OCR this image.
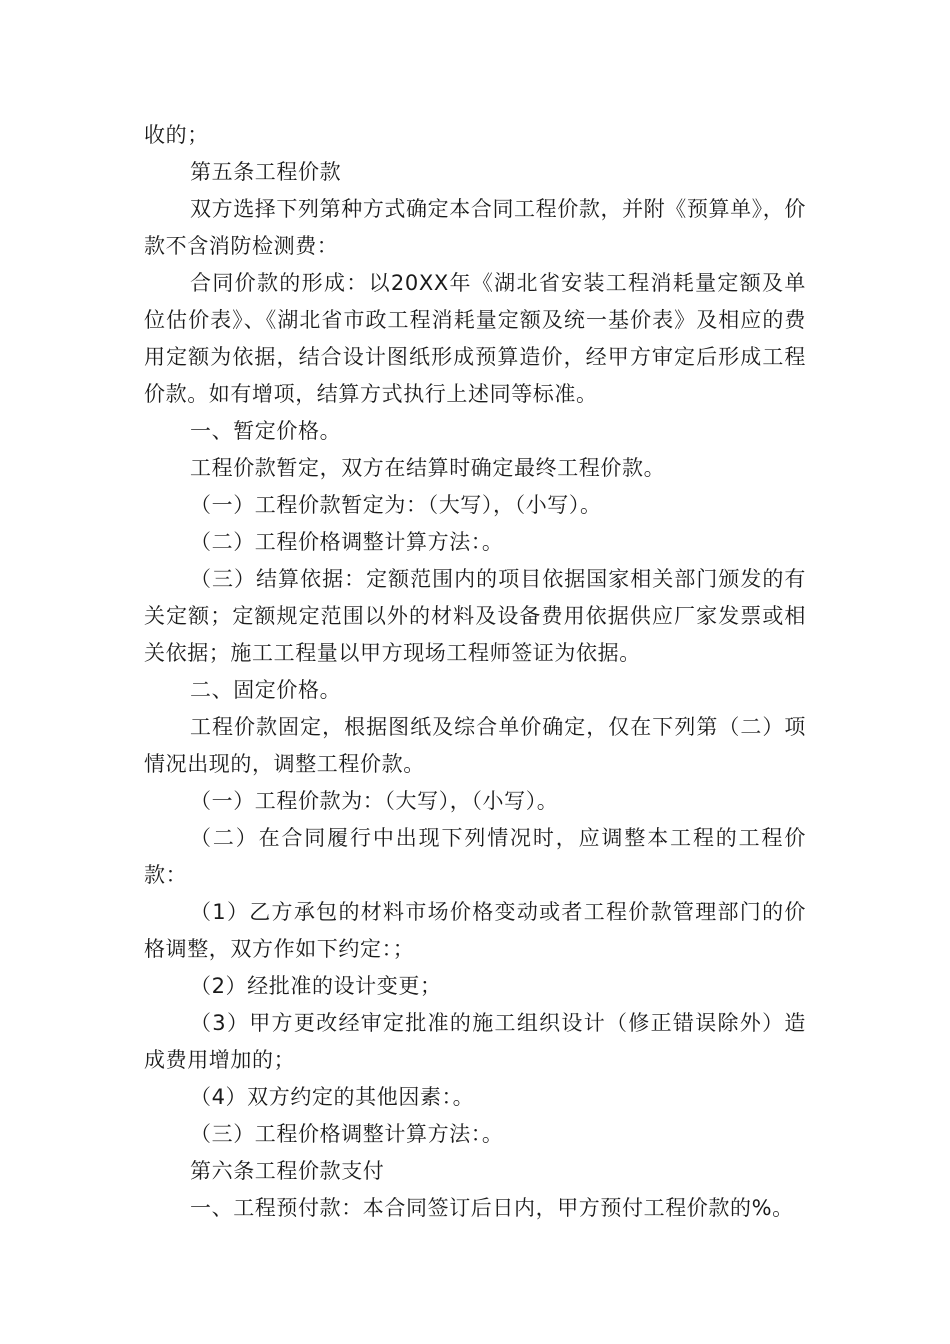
收的；

第五条工程价款

双方选择下列第种方式确定本合同工程价款，并附《预算单》，价款不含消防检测费：

合同价款的形成：以20XX年《湖北省安装工程消耗量定额及单位估价表》、《湖北省市政工程消耗量定额及统一基价表》及相应的费用定额为依据，结合设计图纸形成预算造价，经甲方审定后形成工程价款。如有增项，结算方式执行上述同等标准。

一、暂定价格。

工程价款暂定，双方在结算时确定最终工程价款。

（一）工程价款暂定为：（大写），（小写）。

（二）工程价格调整计算方法：。

（三）结算依据：定额范围内的项目依据国家相关部门颁发的有关定额；定额规定范围以外的材料及设备费用依据供应厂家发票或相关依据；施工工程量以甲方现场工程师签证为依据。

二、固定价格。

工程价款固定，根据图纸及综合单价确定，仅在下列第（二）项情况出现的，调整工程价款。

（一）工程价款为：（大写），（小写）。

（二）在合同履行中出现下列情况时，应调整本工程的工程价款：

（1）乙方承包的材料市场价格变动或者工程价款管理部门的价格调整，双方作如下约定：；

（2）经批准的设计变更；

（3）甲方更改经审定批准的施工组织设计（修正错误除外）造成费用增加的；

（4）双方约定的其他因素：。

（三）工程价格调整计算方法：。

第六条工程价款支付

一、工程预付款：本合同签订后日内，甲方预付工程价款的%。
